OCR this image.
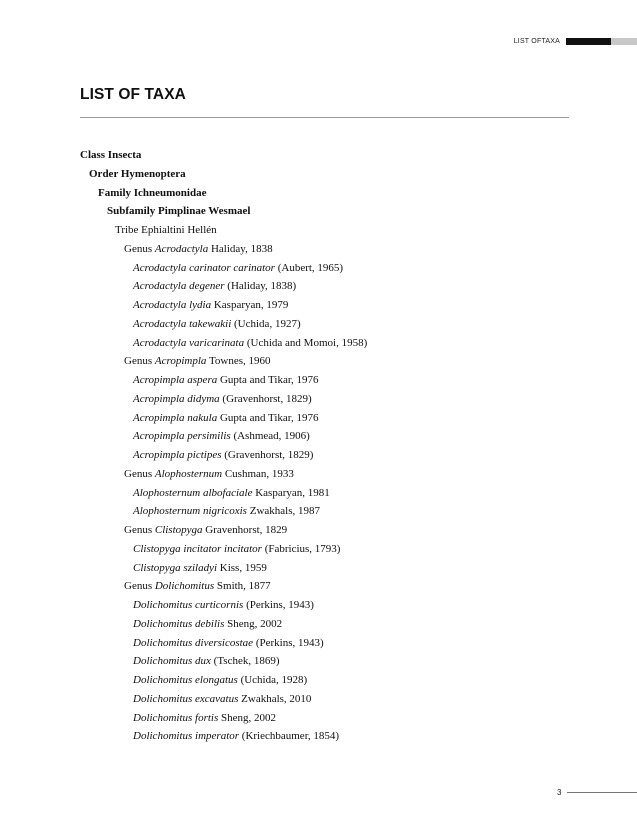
LIST OFTAXA
LIST OF TAXA
Class Insecta
Order Hymenoptera
Family Ichneumonidae
Subfamily Pimplinae Wesmael
Tribe Ephialtini Hellén
Genus Acrodactyla Haliday, 1838
Acrodactyla carinator carinator (Aubert, 1965)
Acrodactyla degener (Haliday, 1838)
Acrodactyla lydia Kasparyan, 1979
Acrodactyla takewakii (Uchida, 1927)
Acrodactyla varicarinata (Uchida and Momoi, 1958)
Genus Acropimpla Townes, 1960
Acropimpla aspera Gupta and Tikar, 1976
Acropimpla didyma (Gravenhorst, 1829)
Acropimpla nakula Gupta and Tikar, 1976
Acropimpla persimilis (Ashmead, 1906)
Acropimpla pictipes (Gravenhorst, 1829)
Genus Alophosternum Cushman, 1933
Alophosternum albofaciale Kasparyan, 1981
Alophosternum nigricoxis Zwakhals, 1987
Genus Clistopyga Gravenhorst, 1829
Clistopyga incitator incitator (Fabricius, 1793)
Clistopyga sziladyi Kiss, 1959
Genus Dolichomitus Smith, 1877
Dolichomitus curticornis (Perkins, 1943)
Dolichomitus debilis Sheng, 2002
Dolichomitus diversicostae (Perkins, 1943)
Dolichomitus dux (Tschek, 1869)
Dolichomitus elongatus (Uchida, 1928)
Dolichomitus excavatus Zwakhals, 2010
Dolichomitus fortis Sheng, 2002
Dolichomitus imperator (Kriechbaumer, 1854)
3
